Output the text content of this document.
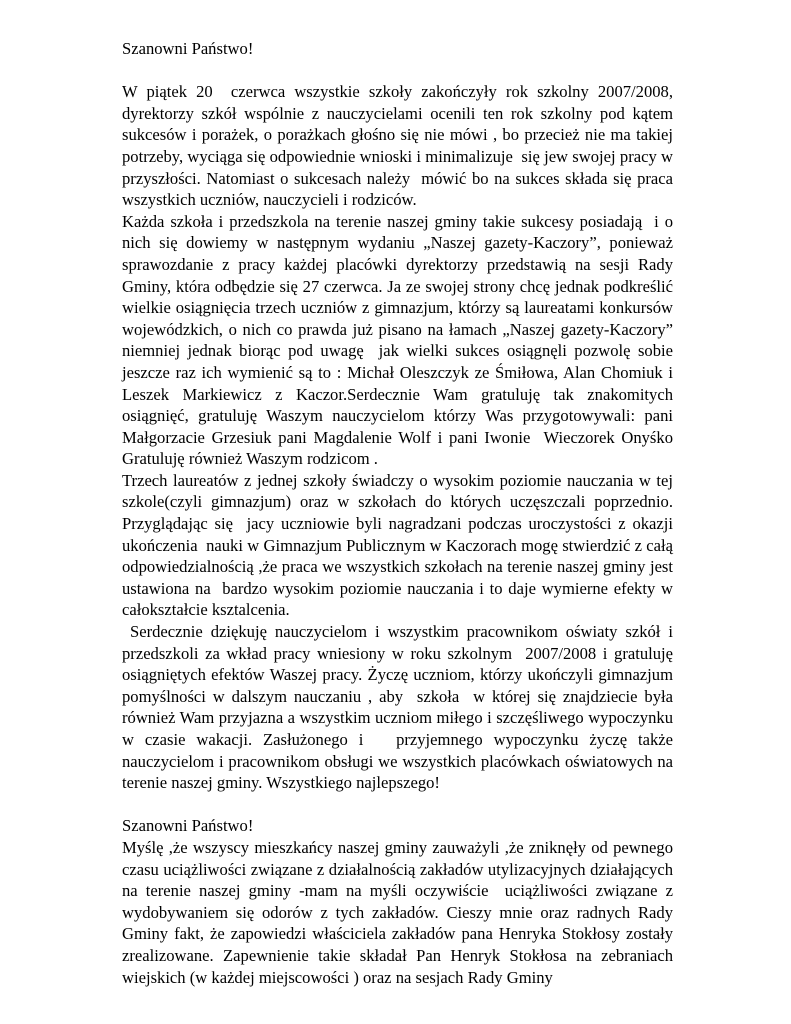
Szanowni Państwo!

W piątek 20  czerwca wszystkie szkoły zakończyły rok szkolny 2007/2008, dyrektorzy szkół wspólnie z nauczycielami ocenili ten rok szkolny pod kątem sukcesów i porażek, o porażkach głośno się nie mówi , bo przecież nie ma takiej potrzeby, wyciąga się odpowiednie wnioski i minimalizuje  się jew swojej pracy w przyszłości. Natomiast o sukcesach należy  mówić bo na sukces składa się praca wszystkich uczniów, nauczycieli i rodziców.

Każda szkoła i przedszkola na terenie naszej gminy takie sukcesy posiadają  i o nich się dowiemy w następnym wydaniu „Naszej gazety-Kaczory”, ponieważ sprawozdanie z pracy każdej placówki dyrektorzy przedstawią na sesji Rady Gminy, która odbędzie się 27 czerwca. Ja ze swojej strony chcę jednak podkreślić wielkie osiągnięcia trzech uczniów z gimnazjum, którzy są laureatami konkursów wojewódzkich, o nich co prawda już pisano na łamach „Naszej gazety-Kaczory” niemniej jednak biorąc pod uwagę  jak wielki sukces osiągnęli pozwolę sobie jeszcze raz ich wymienić są to : Michał Oleszczyk ze Śmiłowa, Alan Chomiuk i Leszek Markiewicz z Kaczor.Serdecznie Wam gratuluję tak znakomitych osiągnięć, gratuluję Waszym nauczycielom którzy Was przygotowywali: pani Małgorzacie Grzesiuk pani Magdalenie Wolf i pani Iwonie  Wieczorek Onyśko Gratuluję również Waszym rodzicom .

Trzech laureatów z jednej szkoły świadczy o wysokim poziomie nauczania w tej szkole(czyli gimnazjum) oraz w szkołach do których uczęszczali poprzednio. Przyglądając się  jacy uczniowie byli nagradzani podczas uroczystości z okazji ukończenia  nauki w Gimnazjum Publicznym w Kaczorach mogę stwierdzić z całą odpowiedzialnością ,że praca we wszystkich szkołach na terenie naszej gminy jest ustawiona na  bardzo wysokim poziomie nauczania i to daje wymierne efekty w całokształcie ksztalcenia.

Serdecznie dziękuję nauczycielom i wszystkim pracownikom oświaty szkół i przedszkoli za wkład pracy wniesiony w roku szkolnym  2007/2008 i gratuluję osiągniętych efektów Waszej pracy. Życzę uczniom, którzy ukończyli gimnazjum pomyślności w dalszym nauczaniu , aby  szkoła  w której się znajdziecie była również Wam przyjazna a wszystkim uczniom miłego i szczęśliwego wypoczynku w czasie wakacji. Zasłużonego i   przyjemnego wypoczynku życzę także nauczycielom i pracownikom obsługi we wszystkich placówkach oświatowych na terenie naszej gminy. Wszystkiego najlepszego!

Szanowni Państwo!

Myślę ,że wszyscy mieszkańcy naszej gminy zauważyli ,że zniknęły od pewnego czasu uciążliwości związane z działalnością zakładów utylizacyjnych działających na terenie naszej gminy -mam na myśli oczywiście  uciążliwości związane z wydobywaniem się odorów z tych zakładów. Cieszy mnie oraz radnych Rady Gminy fakt, że zapowiedzi właściciela zakładów pana Henryka Stokłosy zostały zrealizowane. Zapewnienie takie składał Pan Henryk Stokłosa na zebraniach wiejskich (w każdej miejscowości ) oraz na sesjach Rady Gminy
